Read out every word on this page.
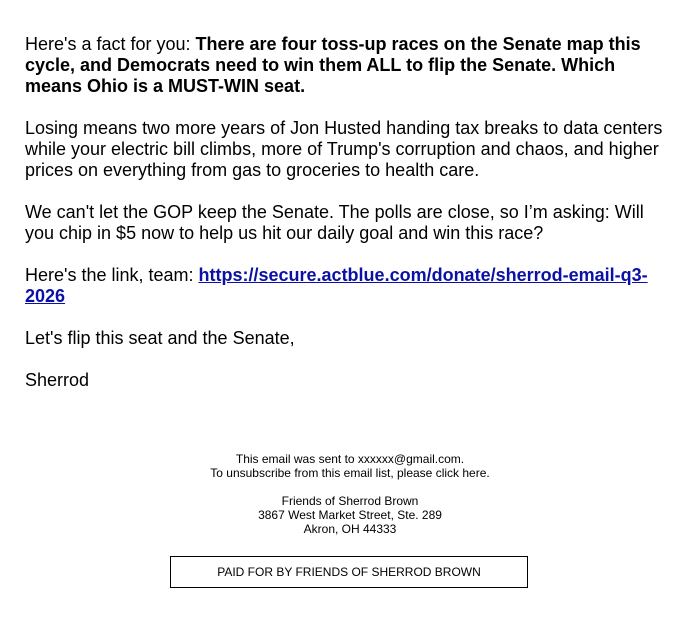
Here's a fact for you: There are four toss-up races on the Senate map this cycle, and Democrats need to win them ALL to flip the Senate. Which means Ohio is a MUST-WIN seat.

Losing means two more years of Jon Husted handing tax breaks to data centers while your electric bill climbs, more of Trump's corruption and chaos, and higher prices on everything from gas to groceries to health care.

We can't let the GOP keep the Senate. The polls are close, so I’m asking: Will you chip in $5 now to help us hit our daily goal and win this race?

Here's the link, team: https://secure.actblue.com/donate/sherrod-email-q3-2026

Let's flip this seat and the Senate,

Sherrod

This email was sent to xxxxxx@gmail.com.
To unsubscribe from this email list, please click here.

Friends of Sherrod Brown
3867 West Market Street, Ste. 289
Akron, OH 44333

PAID FOR BY FRIENDS OF SHERROD BROWN
